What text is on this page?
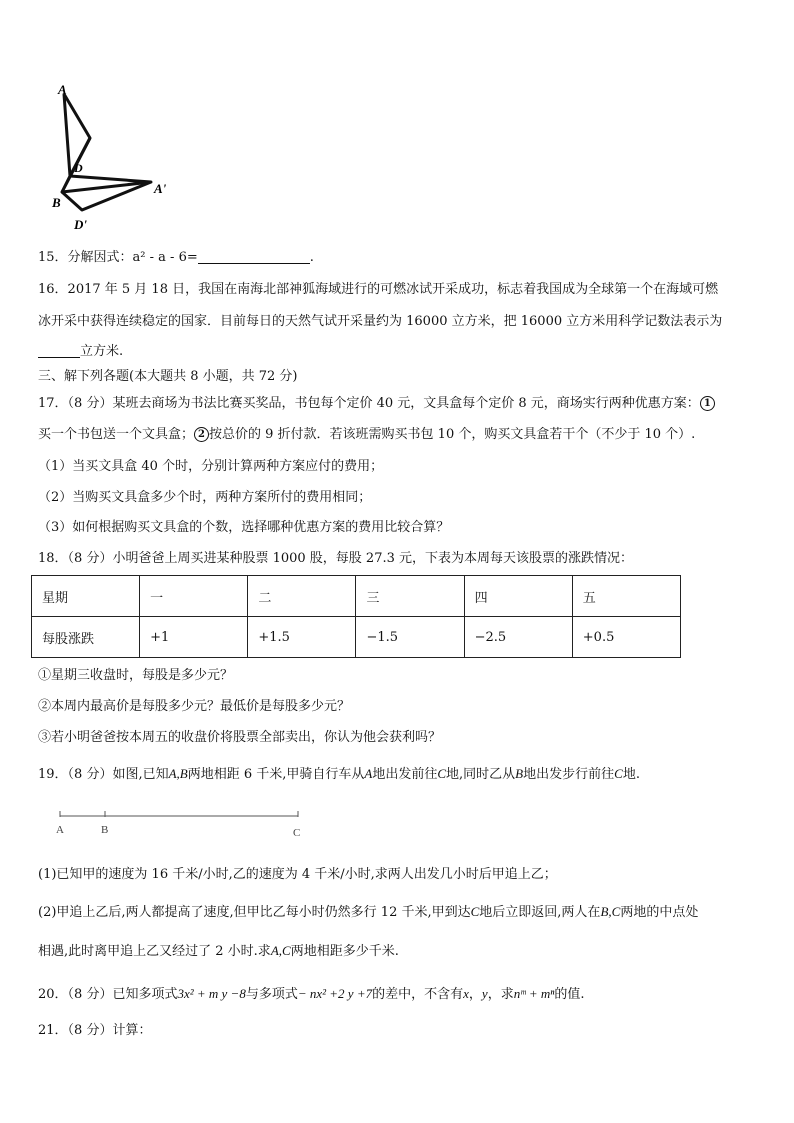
A
D
B
A'
D'
15．分解因式：a² - a - 6=	.
16．2017 年 5 月 18 日，我国在南海北部神狐海域进行的可燃冰试开采成功，标志着我国成为全球第一个在海域可燃
冰开采中获得连续稳定的国家．目前每日的天然气试开采量约为 16000 立方米，把 16000 立方米用科学记数法表示为
立方米.
三、解下列各题(本大题共 8 小题，共 72 分)
17．（8 分）某班去商场为书法比赛买奖品，书包每个定价 40 元，文具盒每个定价 8 元，商场实行两种优惠方案： 1
买一个书包送一个文具盒； 2 按总价的 9 折付款．若该班需购买书包 10 个，购买文具盒若干个（不少于 10 个）.
（1）当买文具盒 40 个时，分别计算两种方案应付的费用；
（2）当购买文具盒多少个时，两种方案所付的费用相同；
（3）如何根据购买文具盒的个数，选择哪种优惠方案的费用比较合算？
18．（8 分）小明爸爸上周买进某种股票 1000 股，每股 27.3 元，下表为本周每天该股票的涨跌情况：
星期	一	二	三	四	五
每股涨跌	+1	+1.5	−1.5	−2.5	+0.5
①星期三收盘时，每股是多少元？
②本周内最高价是每股多少元？最低价是每股多少元？
③若小明爸爸按本周五的收盘价将股票全部卖出，你认为他会获利吗？
19．（8 分）如图,已知A,B两地相距 6 千米,甲骑自行车从A地出发前往C地,同时乙从B地出发步行前往C地.
A	B	C
(1)已知甲的速度为 16 千米/小时,乙的速度为 4 千米/小时,求两人出发几小时后甲追上乙；
(2)甲追上乙后,两人都提高了速度,但甲比乙每小时仍然多行 12 千米,甲到达C地后立即返回,两人在B,C两地的中点处
相遇,此时离甲追上乙又经过了 2 小时.求A,C两地相距多少千米.
20．（8 分）已知多项式3x² + m y −8与多项式− nx² +2 y +7的差中，不含有x，y，求nᵐ + mⁿ的值.
21．（8 分）计算：
